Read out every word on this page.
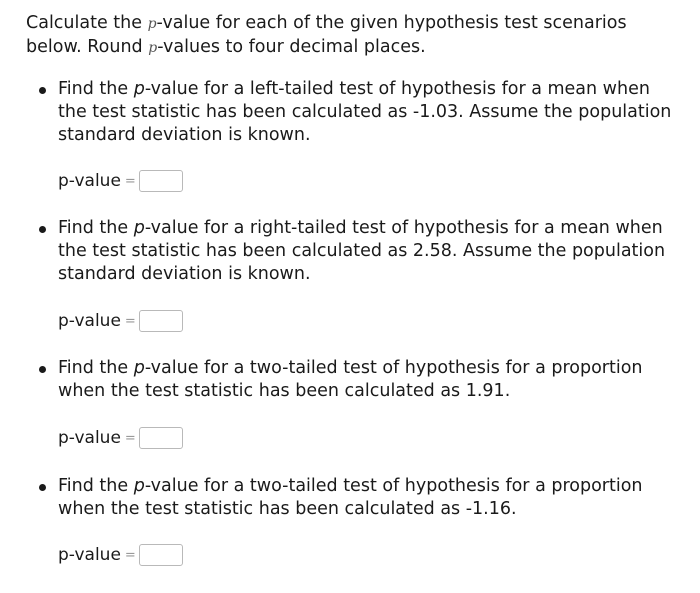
Calculate the p-value for each of the given hypothesis test scenarios below. Round p-values to four decimal places.
Find the p-value for a left-tailed test of hypothesis for a mean when the test statistic has been calculated as -1.03. Assume the population standard deviation is known.
p-value =
Find the p-value for a right-tailed test of hypothesis for a mean when the test statistic has been calculated as 2.58. Assume the population standard deviation is known.
p-value =
Find the p-value for a two-tailed test of hypothesis for a proportion when the test statistic has been calculated as 1.91.
p-value =
Find the p-value for a two-tailed test of hypothesis for a proportion when the test statistic has been calculated as -1.16.
p-value =
